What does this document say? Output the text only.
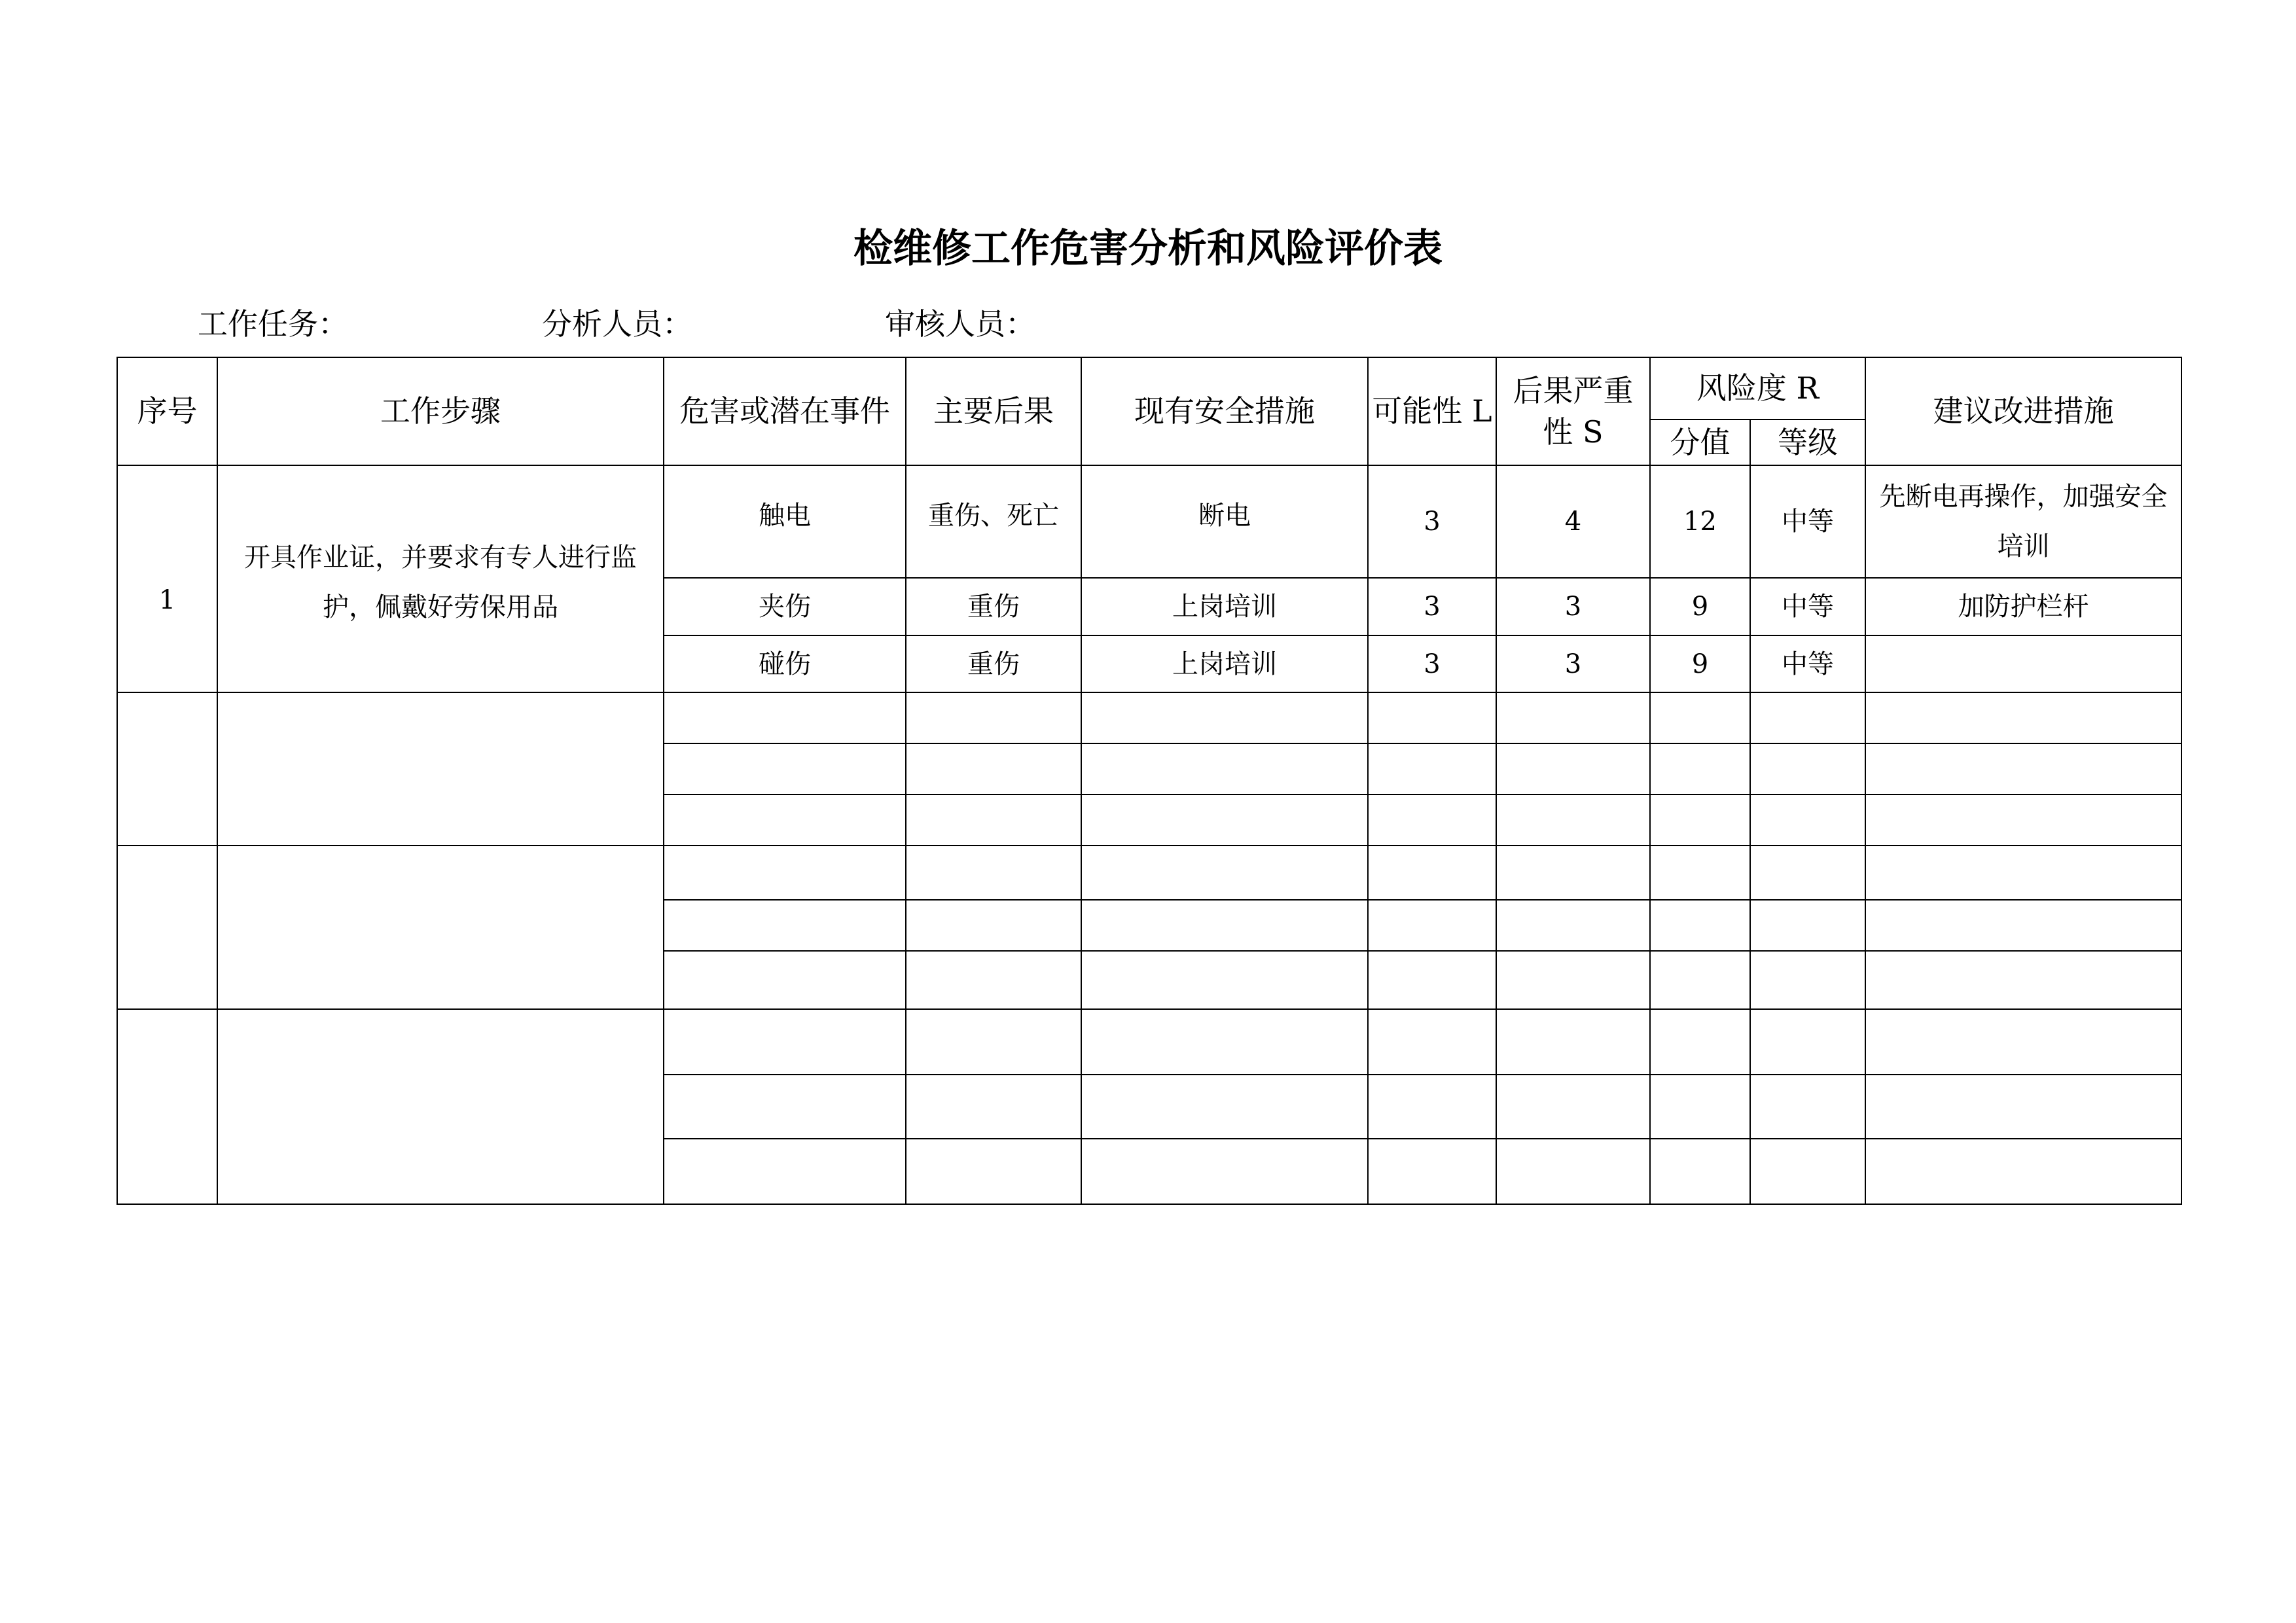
检维修工作危害分析和风险评价表
工作任务：	分析人员：	审核人员：
序号	工作步骤	危害或潜在事件	主要后果	现有安全措施	可能性 L	后果严重性 S	风险度 R		建议改进措施
							分值	等级	
1	开具作业证，并要求有专人进行监护，佩戴好劳保用品	触电	重伤、死亡	断电	3	4	12	中等	先断电再操作，加强安全培训
		夹伤	重伤	上岗培训	3	3	9	中等	加防护栏杆
		碰伤	重伤	上岗培训	3	3	9	中等	
